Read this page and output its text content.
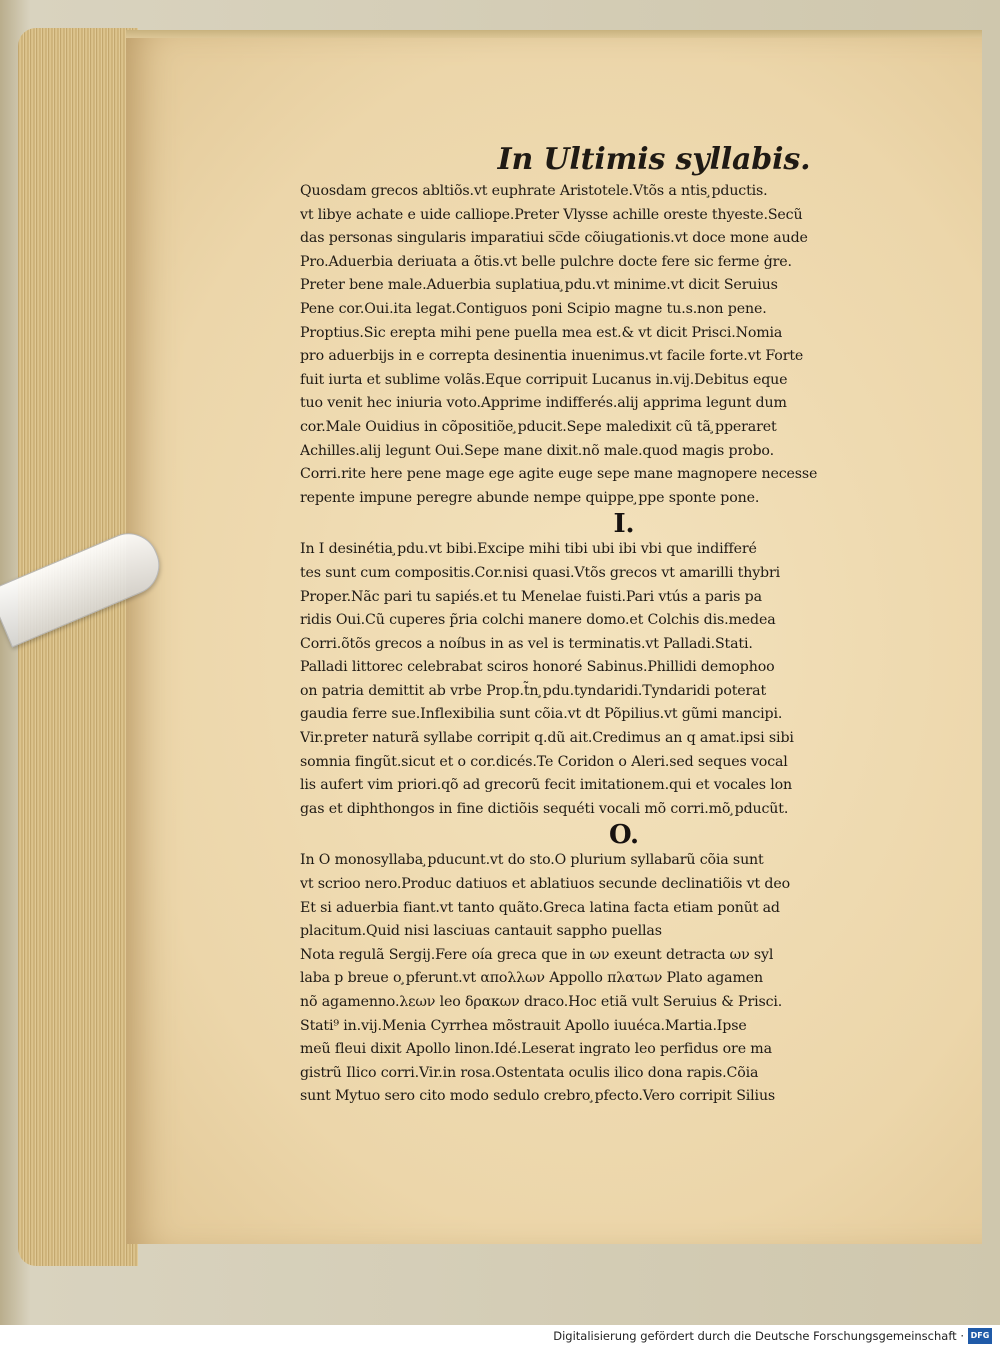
In Ultimis syllabis.
Quosdam grecos abltiõs.vt euphrate Aristotele.Vtõs a ntis ̧pductis.
vt libye achate e uide calliope.Preter Vlysse achille oreste thyeste.Secũ
das personas singularis imparatiui sc̅de cõiugationis.vt doce mone aude
Pro.Aduerbia deriuata a õtis.vt belle pulchre docte fere sic ferme ġre.
Preter bene male.Aduerbia suplatiua ̧pdu.vt minime.vt dicit Seruius
Pene cor.Oui.ita legat.Contiguos poni Scipio magne tu.s.non pene.
Proptius.Sic erepta mihi pene puella mea est.& vt dicit Prisci.Nomia
pro aduerbijs in e correpta desinentia inuenimus.vt facile forte.vt Forte
fuit iurta et sublime volãs.Eque corripuit Lucanus in.vij.Debitus eque
tuo venit hec iniuria voto.Apprime indifferés.alij apprima legunt dum
cor.Male Ouidius in cõpositiõe ̧pducit.Sepe maledixit cũ tã ̧pperaret
Achilles.alij legunt Oui.Sepe mane dixit.nõ male.quod magis probo.
Corri.rite here pene mage ege agite euge sepe mane magnopere necesse
repente impune peregre abunde nempe quippe ̧ppe sponte pone.
I.
In I desinétia ̧pdu.vt bibi.Excipe mihi tibi ubi ibi vbi que indifferé
tes sunt cum compositis.Cor.nisi quasi.Vtõs grecos vt amarilli thybri
Proper.Nãc pari tu sapiés.et tu Menelae fuisti.Pari vtús a paris pa
ridis Oui.Cũ cuperes p̃ria colchi manere domo.et Colchis dis.medea
Corri.õtõs grecos a noíbus in as vel is terminatis.vt Palladi.Stati.
Palladi littorec celebrabat sciros honoré Sabinus.Phillidi demophoo
on patria demittit ab vrbe Prop.t̃n ̧pdu.tyndaridi.Tyndaridi poterat
gaudia ferre sue.Inflexibilia sunt cõia.vt dt Põpilius.vt gũmi mancipi.
Vir.preter naturã syllabe corripit q.dũ ait.Credimus an q amat.ipsi sibi
somnia fingũt.sicut et o cor.dicés.Te Coridon o Aleri.sed seques vocal
lis aufert vim priori.qõ ad grecorũ fecit imitationem.qui et vocales lon
gas et diphthongos in fine dictiõis sequéti vocali mõ corri.mõ ̧pducũt.
O.
In O monosyllaba ̧pducunt.vt do sto.O plurium syllabarũ cõia sunt
vt scrioo nero.Produc datiuos et ablatiuos secunde declinatiõis vt deo
Et si aduerbia fiant.vt tanto quãto.Greca latina facta etiam ponũt ad
placitum.Quid nisi lasciuas cantauit sappho puellas
Nota regulã Sergij.Fere oía greca que in ων exeunt detracta ων syl
laba p breue o ̧pferunt.vt απολλων Appollo πλατων Plato agamen
nõ agamenno.λεων leo δρακων draco.Hoc etiã vult Seruius & Prisci.
Stati⁹ in.vij.Menia Cyrrhea mõstrauit Apollo iuuéca.Martia.Ipse
meũ fleui dixit Apollo linon.Idé.Leserat ingrato leo perfidus ore ma
gistrũ Ilico corri.Vir.in rosa.Ostentata oculis ilico dona rapis.Cõia
sunt Mytuo sero cito modo sedulo crebro ̧pfecto.Vero corripit Silius
Digitalisierung gefördert durch die Deutsche Forschungsgemeinschaft · DFG
